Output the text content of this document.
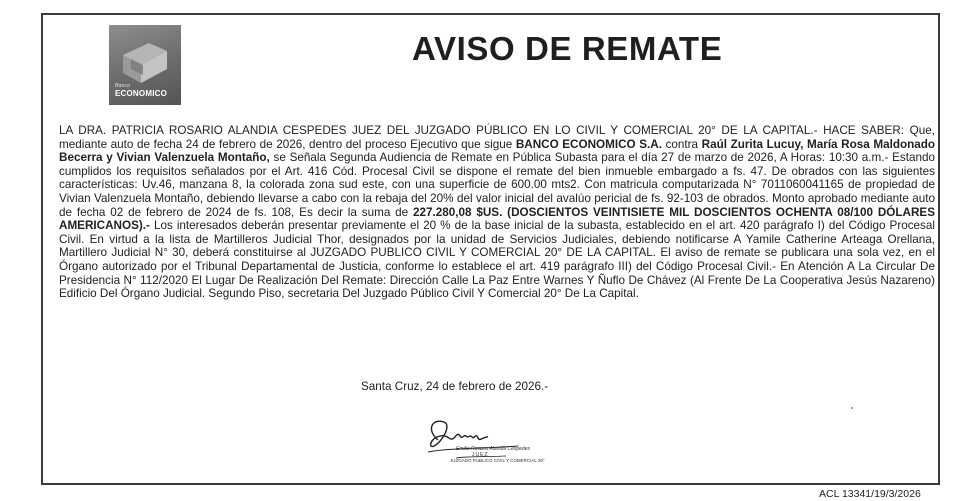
Banco
ECONOMICO
AVISO DE REMATE

LA DRA. PATRICIA ROSARIO ALANDIA CESPEDES JUEZ DEL JUZGADO PÚBLICO EN LO CIVIL Y COMERCIAL 20° DE LA CAPITAL.- HACE SABER: Que, mediante auto de fecha 24 de febrero de 2026, dentro del proceso Ejecutivo que sigue BANCO ECONOMICO S.A. contra Raúl Zurita Lucuy, María Rosa Maldonado Becerra y Vivian Valenzuela Montaño, se Señala Segunda Audiencia de Remate en Pública Subasta para el día 27 de marzo de 2026, A Horas: 10:30 a.m.- Estando cumplidos los requisitos señalados por el Art. 416 Cód. Procesal Civil se dispone el remate del bien inmueble embargado a fs. 47. De obrados con las siguientes características: Uv.46, manzana 8, la colorada zona sud este, con una superficie de 600.00 mts2. Con matricula computarizada N° 7011060041165 de propiedad de Vivian Valenzuela Montaño, debiendo llevarse a cabo con la rebaja del 20% del valor inicial del avalúo pericial de fs. 92-103 de obrados. Monto aprobado mediante auto de fecha 02 de febrero de 2024 de fs. 108, Es decir la suma de 227.280,08 $US. (DOSCIENTOS VEINTISIETE MIL DOSCIENTOS OCHENTA 08/100 DÓLARES AMERICANOS).- Los interesados deberán presentar previamente el 20 % de la base inicial de la subasta, establecido en el art. 420 parágrafo I) del Código Procesal Civil. En virtud a la lista de Martilleros Judicial Thor, designados por la unidad de Servicios Judiciales, debiendo notificarse A Yamile Catherine Arteaga Orellana, Martillero Judicial N° 30, deberá constituirse al JUZGADO PUBLICO CIVIL Y COMERCIAL 20° DE LA CAPITAL. El aviso de remate se publicara una sola vez, en el Órgano autorizado por el Tribunal Departamental de Justicia, conforme lo establece el art. 419 parágrafo III) del Código Procesal Civil.- En Atención A La Circular De Presidencia N° 112/2020 El Lugar De Realización Del Remate: Dirección Calle La Paz Entre Warnes Y Ñuflo De Chávez (Al Frente De La Cooperativa Jesús Nazareno) Edificio Del Órgano Judicial. Segundo Piso, secretaria Del Juzgado Público Civil Y Comercial 20° De La Capital.

Santa Cruz, 24 de febrero de 2026.-
Emilio Rosario Alandia Cespedes
JUEZ
JUZGADO PUBLICO CIVIL Y COMERCIAL 20°
ACL 13341/19/3/2026
